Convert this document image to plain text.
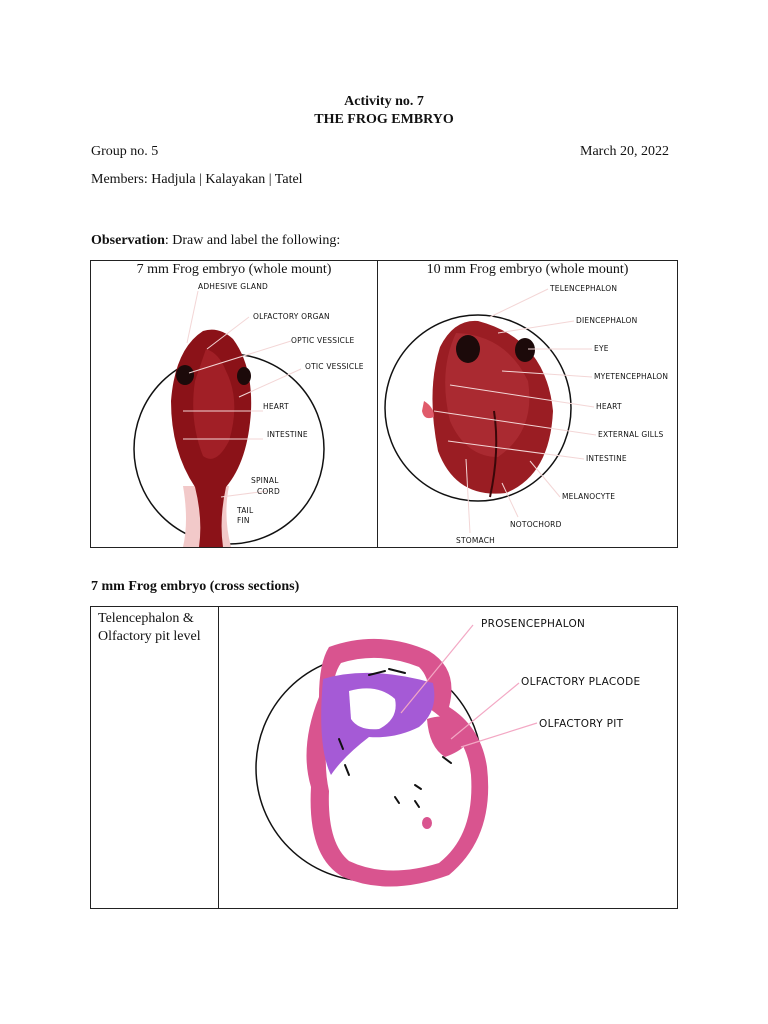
Activity no. 7
THE FROG EMBRYO
Group no. 5	March 20, 2022
Members: Hadjula | Kalayakan | Tatel
Observation: Draw and label the following:
7 mm Frog embryo (whole mount)
ADHESIVE GLAND
OLFACTORY ORGAN
OPTIC VESSICLE
OTIC VESSICLE
HEART
INTESTINE
SPINAL
CORD
TAIL
FIN
10 mm Frog embryo (whole mount)
TELENCEPHALON
DIENCEPHALON
EYE
MYETENCEPHALON
HEART
EXTERNAL GILLS
INTESTINE
MELANOCYTE
NOTOCHORD
STOMACH
7 mm Frog embryo (cross sections)
Telencephalon &
Olfactory pit level
PROSENCEPHALON
OLFACTORY PLACODE
OLFACTORY PIT
